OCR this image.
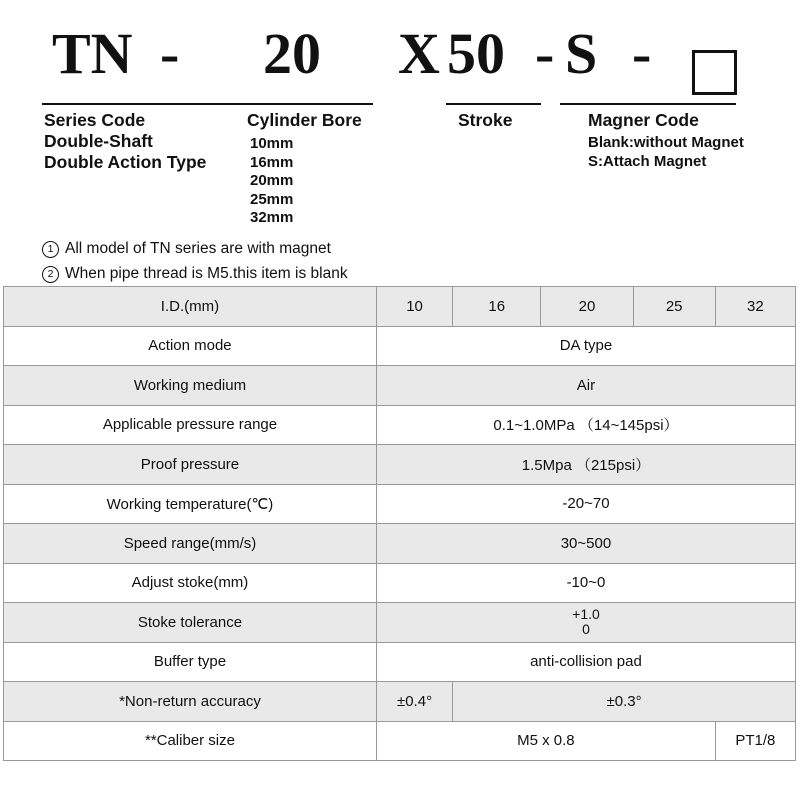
TN - 20 X 50 - S -
Series Code
Double-Shaft
Double Action Type
Cylinder Bore	Stroke	Magner Code
10mm
16mm
20mm
25mm
32mm
Blank:without Magnet
S:Attach Magnet
1 All model of TN series are with magnet
2 When pipe thread is M5.this item is blank
I.D.(mm)	10	16	20	25	32
Action mode	DA type				
Working medium	Air				
Applicable pressure range	0.1~1.0MPa （14~145psi）				
Proof pressure	1.5Mpa （215psi）				
Working temperature(℃)	-20~70				
Speed range(mm/s)	30~500				
Adjust stoke(mm)	-10~0				
Stoke tolerance	+1.0
0				
Buffer type	anti-collision pad				
*Non-return accuracy	±0.4°	±0.3°			
**Caliber size	M5 x 0.8				PT1/8
